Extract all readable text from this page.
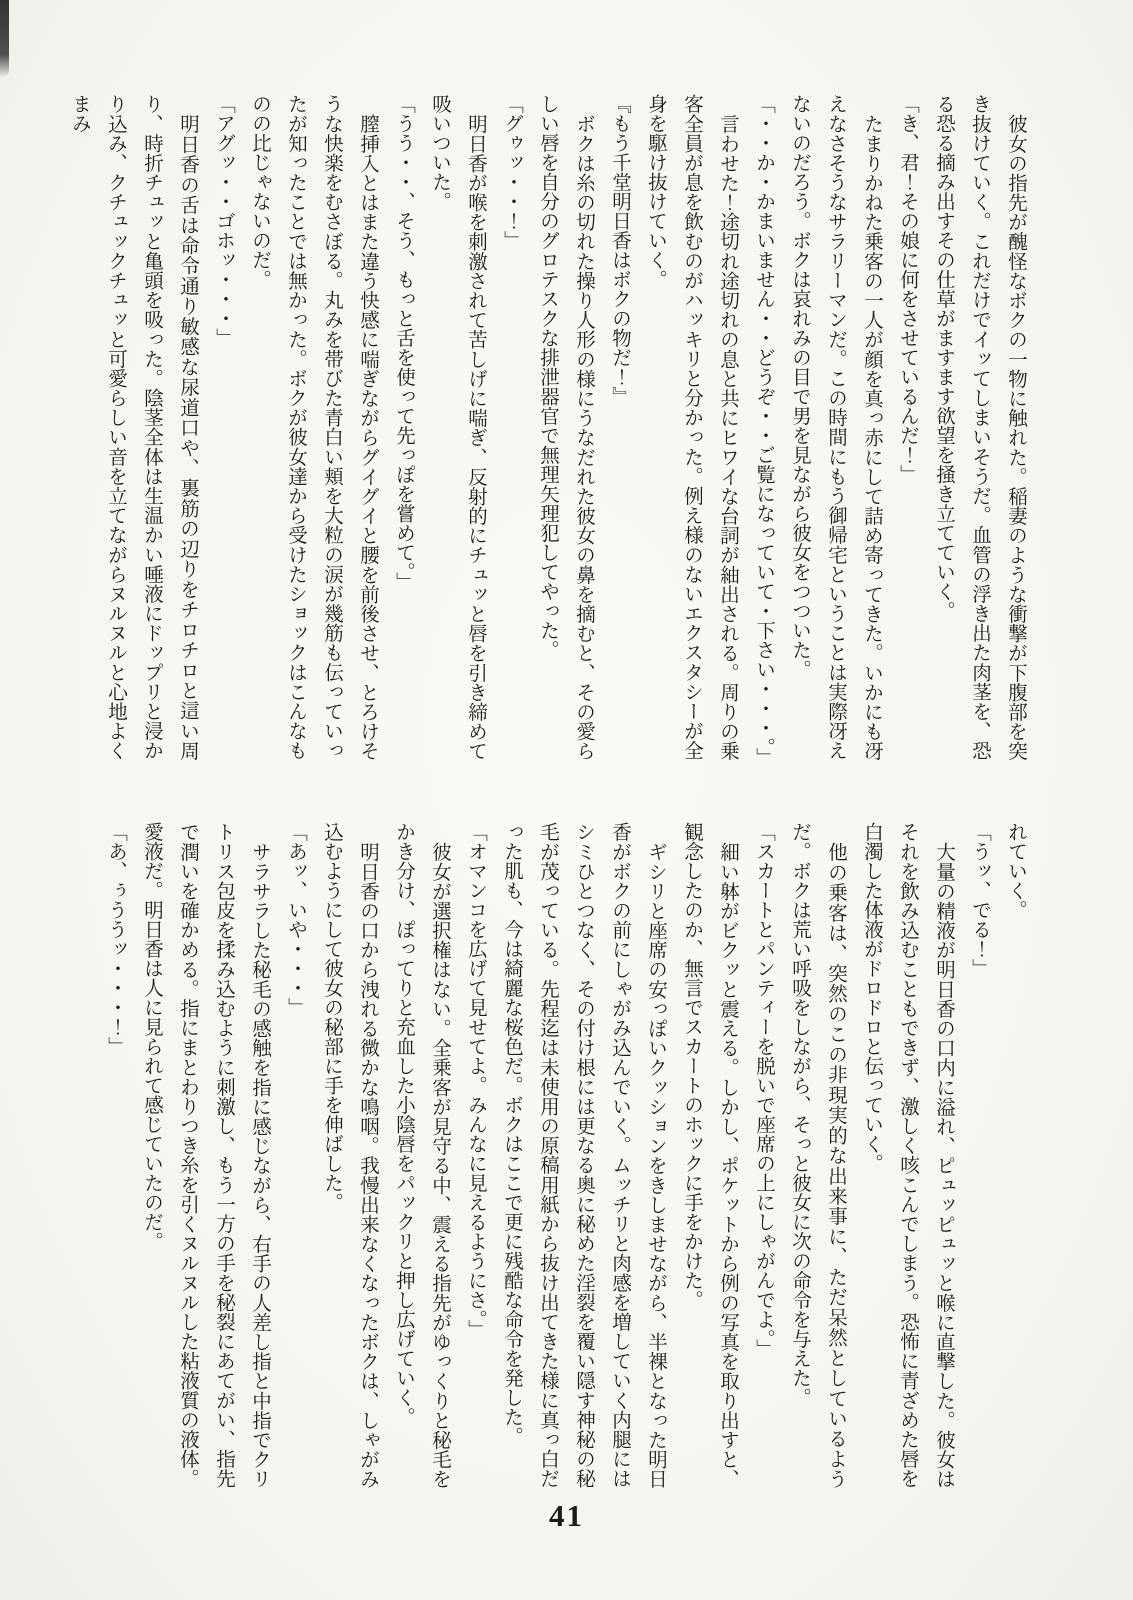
彼女の指先が醜怪なボクの一物に触れた。稲妻のような衝撃が下腹部を突き抜けていく。これだけでイッてしまいそうだ。血管の浮き出た肉茎を、恐る恐る摘み出すその仕草がますます欲望を掻き立てていく。

「き、君！その娘に何をさせているんだ！」

たまりかねた乗客の一人が顔を真っ赤にして詰め寄ってきた。いかにも冴えなさそうなサラリーマンだ。この時間にもう御帰宅ということは実際冴えないのだろう。ボクは哀れみの目で男を見ながら彼女をつついた。

「・・か・かまいません・・どうぞ・・ご覧になっていて・下さい・・・。」

言わせた！途切れ途切れの息と共にヒワイな台詞が紬出される。周りの乗客全員が息を飲むのがハッキリと分かった。例え様のないエクスタシーが全身を駆け抜けていく。

『もう千堂明日香はボクの物だ！』

ボクは糸の切れた操り人形の様にうなだれた彼女の鼻を摘むと、その愛らしい唇を自分のグロテスクな排泄器官で無理矢理犯してやった。

「グゥッ・・！」

明日香が喉を刺激されて苦しげに喘ぎ、反射的にチュッと唇を引き締めて吸いついた。

「うう・・、そう、もっと舌を使って先っぽを嘗めて。」

膣挿入とはまた違う快感に喘ぎながらグイグイと腰を前後させ、とろけそうな快楽をむさぼる。丸みを帯びた青白い頬を大粒の涙が幾筋も伝っていったが知ったことでは無かった。ボクが彼女達から受けたショックはこんなものの比じゃないのだ。

「アグッ・・ゴホッ・・・」

明日香の舌は命令通り敏感な尿道口や、裏筋の辺りをチロチロと這い周り、時折チュッと亀頭を吸った。陰茎全体は生温かい唾液にドップリと浸かり込み、クチュックチュッと可愛らしい音を立てながらヌルヌルと心地よくまみ

れていく。

「うッ、でる！」

大量の精液が明日香の口内に溢れ、ピュッピュッと喉に直撃した。彼女はそれを飲み込むこともできず、激しく咳こんでしまう。恐怖に青ざめた唇を白濁した体液がドロドロと伝っていく。

他の乗客は、突然のこの非現実的な出来事に、ただ呆然としているようだ。ボクは荒い呼吸をしながら、そっと彼女に次の命令を与えた。

「スカートとパンティーを脱いで座席の上にしゃがんでよ。」

細い躰がビクッと震える。しかし、ポケットから例の写真を取り出すと、観念したのか、無言でスカートのホックに手をかけた。

ギシリと座席の安っぽいクッションをきしませながら、半裸となった明日香がボクの前にしゃがみ込んでいく。ムッチリと肉感を増していく内腿にはシミひとつなく、その付け根には更なる奥に秘めた淫裂を覆い隠す神秘の秘毛が茂っている。先程迄は未使用の原稿用紙から抜け出てきた様に真っ白だった肌も、今は綺麗な桜色だ。ボクはここで更に残酷な命令を発した。

「オマンコを広げて見せてよ。みんなに見えるようにさ。」

彼女が選択権はない。全乗客が見守る中、震える指先がゆっくりと秘毛をかき分け、ぽってりと充血した小陰唇をパックリと押し広げていく。

明日香の口から洩れる微かな鳴咽。我慢出来なくなったボクは、しゃがみ込むようにして彼女の秘部に手を伸ばした。

「あッ、いや・・・」

サラサラした秘毛の感触を指に感じながら、右手の人差し指と中指でクリトリス包皮を揉み込むように刺激し、もう一方の手を秘裂にあてがい、指先で潤いを確かめる。指にまとわりつき糸を引くヌルヌルした粘液質の液体。愛液だ。明日香は人に見られて感じていたのだ。

「あ、ぅううッ・・・！」

41
